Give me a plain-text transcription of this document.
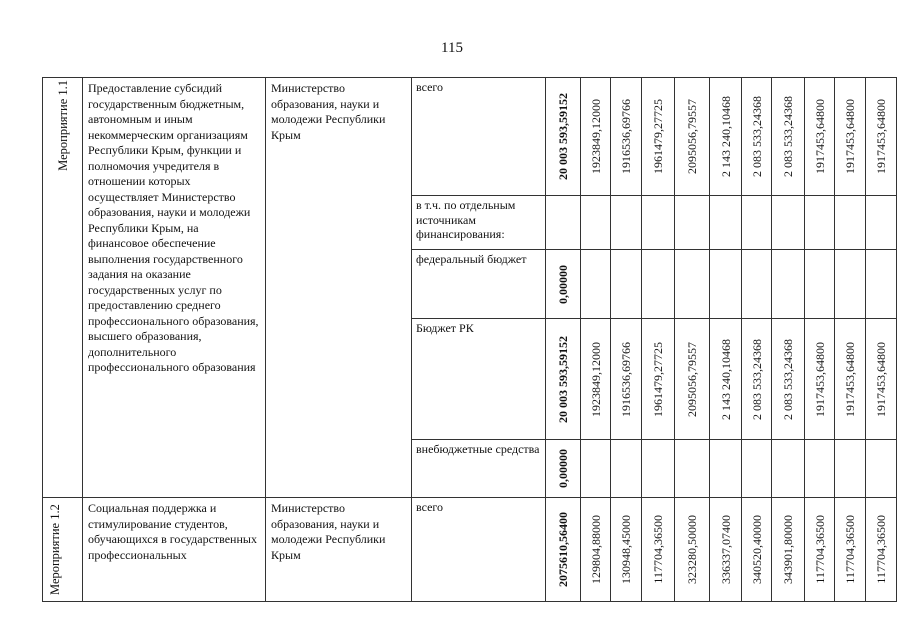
115
Мероприятие 1.1	Предоставление субсидий государственным бюджетным, автономным и иным некоммерческим организациям Республики Крым, функции и полномочия учредителя в отношении которых осуществляет Министерство образования, науки и молодежи Республики Крым, на финансовое обеспечение выполнения государственного задания на оказание государственных услуг по предоставлению среднего профессионального образования, высшего образования, дополнительного профессионального образования	Министерство образования, науки и молодежи Республики Крым	всего	20 003 593,59152	1923849,12000	1916536,69766	1961479,27725	2095056,79557	2 143 240,10468	2 083 533,24368	2 083 533,24368	1917453,64800	1917453,64800	1917453,64800

			в т.ч. по отдельным источникам финансирования:											

			федеральный бюджет	0,00000										

			Бюджет РК	20 003 593,59152	1923849,12000	1916536,69766	1961479,27725	2095056,79557	2 143 240,10468	2 083 533,24368	2 083 533,24368	1917453,64800	1917453,64800	1917453,64800

			внебюджетные средства	0,00000										

Мероприятие 1.2	Социальная поддержка и стимулирование студентов, обучающихся в государственных профессиональных	Министерство образования, науки и молодежи Республики Крым	всего	2075610,56400	129804,88000	130948,45000	117704,36500	323280,50000	336337,07400	340520,40000	343901,80000	117704,36500	117704,36500	117704,36500
